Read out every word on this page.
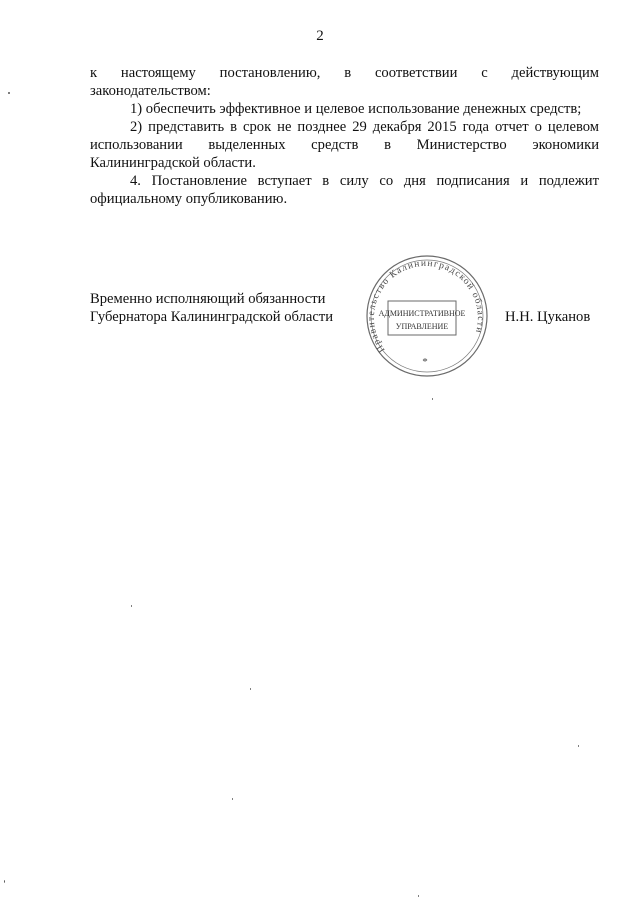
2

к настоящему постановлению, в соответствии с действующим

законодательством:

1) обеспечить эффективное и целевое использование денежных средств;

2) представить в срок не позднее 29 декабря 2015 года отчет о целевом использовании выделенных средств в Министерство экономики Калининградской области.

4. Постановление вступает в силу со дня подписания и подлежит официальному опубликованию.

Временно исполняющий обязанности
Губернатора Калининградской области	Н.Н. Цуканов
Правительство Калининградской области
АДМИНИСТРАТИВНОЕ
УПРАВЛЕНИЕ
*
